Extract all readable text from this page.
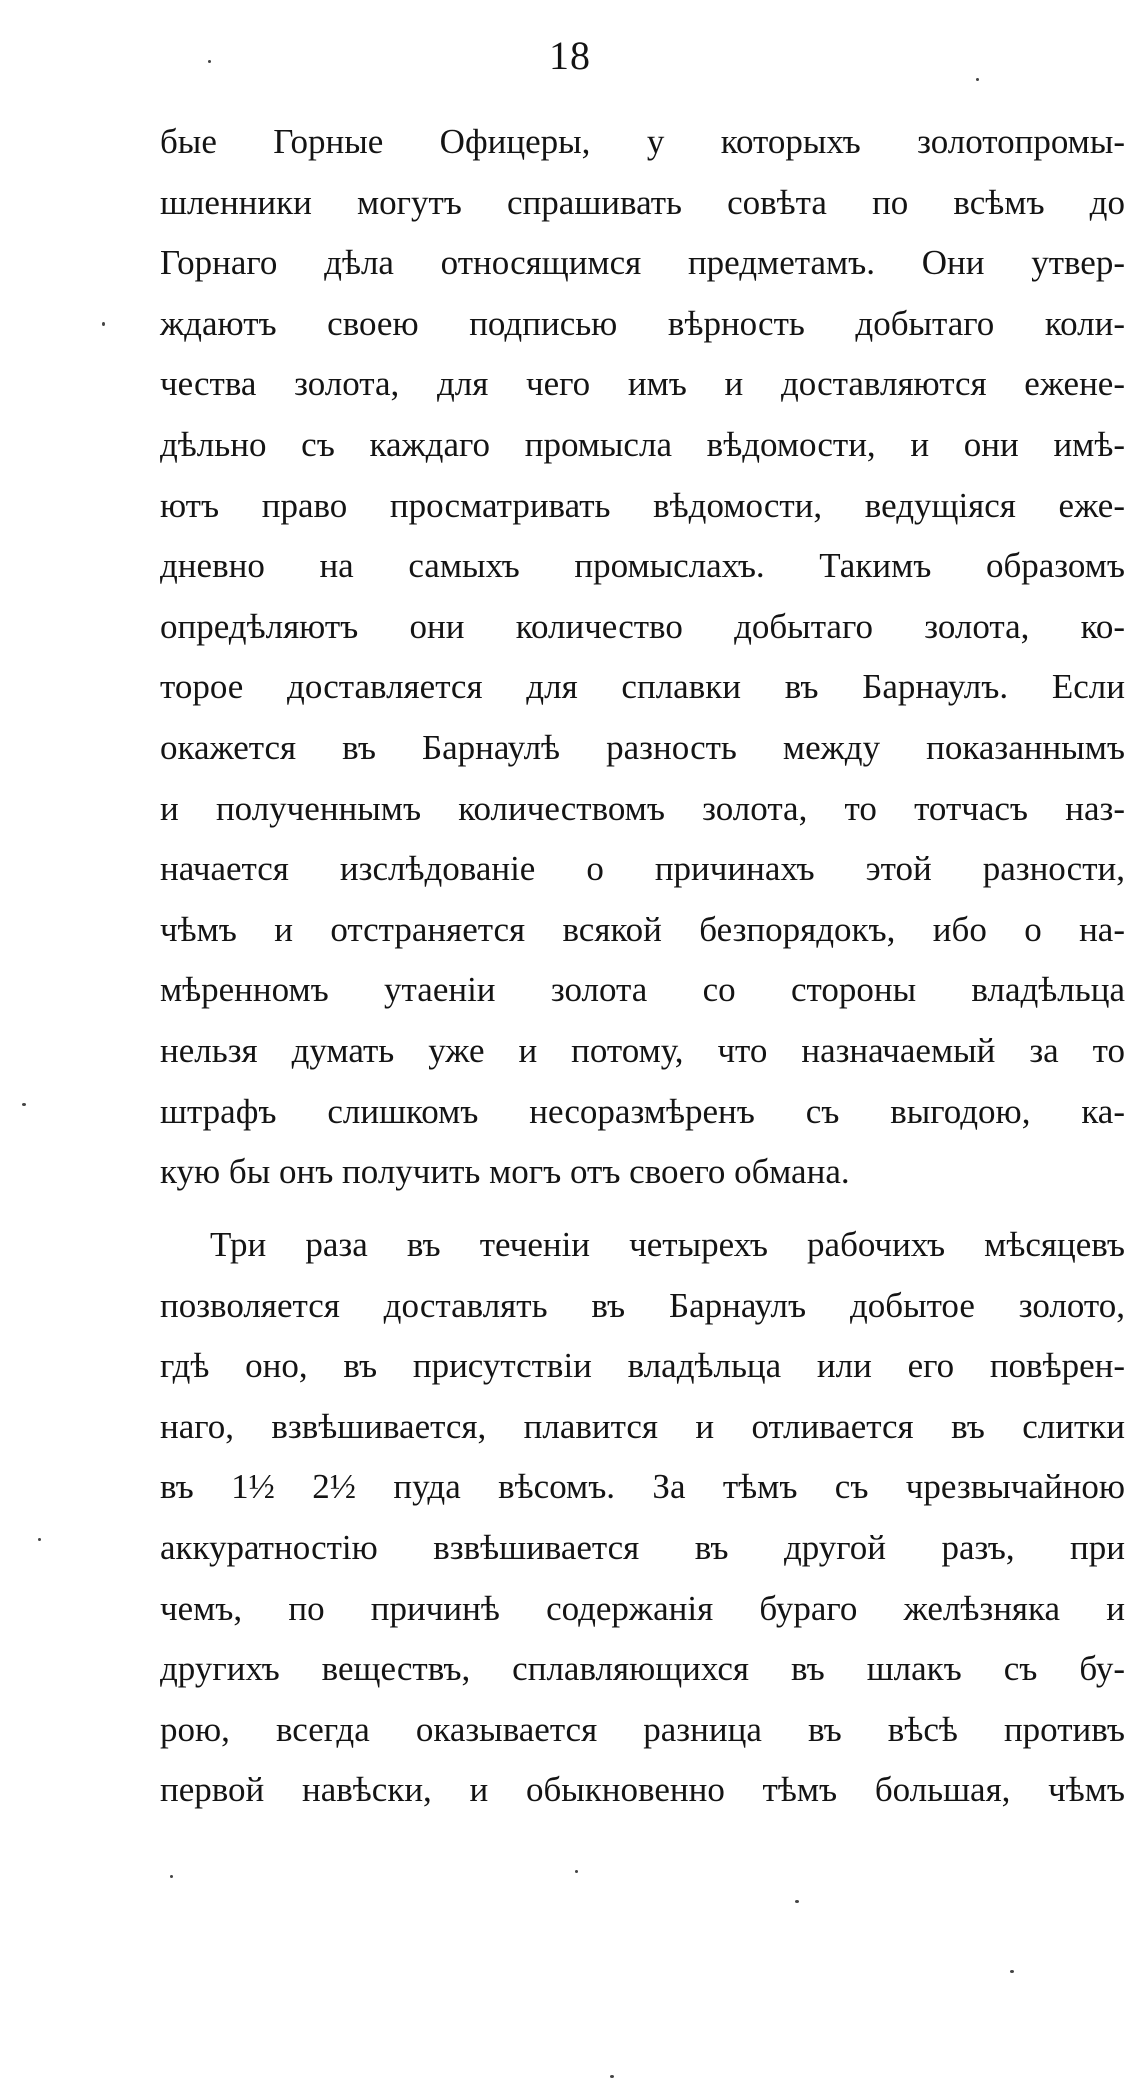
18
бые Горные Офицеры, у которыхъ золотопромы-
шленники могутъ спрашивать совѣта по всѣмъ до
Горнаго дѣла относящимся предметамъ. Они утвер-
ждаютъ своею подписью вѣрность добытаго коли-
чества золота, для чего имъ и доставляются еженe-
дѣльно съ каждаго промысла вѣдомости, и они имѣ-
ютъ право просматривать вѣдомости, ведущіяся еже-
дневно на самыхъ промыслахъ. Такимъ образомъ
опредѣляютъ они количество добытаго золота, ко-
торое доставляется для сплавки въ Барнаулъ. Если
окажется въ Барнаулѣ разность между показаннымъ
и полученнымъ количествомъ золота, то тотчасъ наз-
начается изслѣдованіе о причинахъ этой разности,
чѣмъ и отстраняется всякой безпорядокъ, ибо о на-
мѣренномъ утаеніи золота со стороны владѣльца
нельзя думать уже и потому, что назначаемый за то
штрафъ слишкомъ несоразмѣренъ съ выгодою, ка-
кую бы онъ получить могъ отъ своего обмана.
Три раза въ теченіи четырехъ рабочихъ мѣсяцевъ
позволяется доставлять въ Барнаулъ добытое золото,
гдѣ оно, въ присутствіи владѣльца или его повѣрен-
наго, взвѣшивается, плавится и отливается въ слитки
въ 1½ 2½ пуда вѣсомъ. За тѣмъ съ чрезвычайною
аккуратностію взвѣшивается въ другой разъ, при
чемъ, по причинѣ содержанія бураго желѣзняка и
другихъ веществъ, сплавляющихся въ шлакъ съ бу-
рою, всегда оказывается разница въ вѣсѣ противъ
первой навѣски, и обыкновенно тѣмъ большая, чѣмъ
